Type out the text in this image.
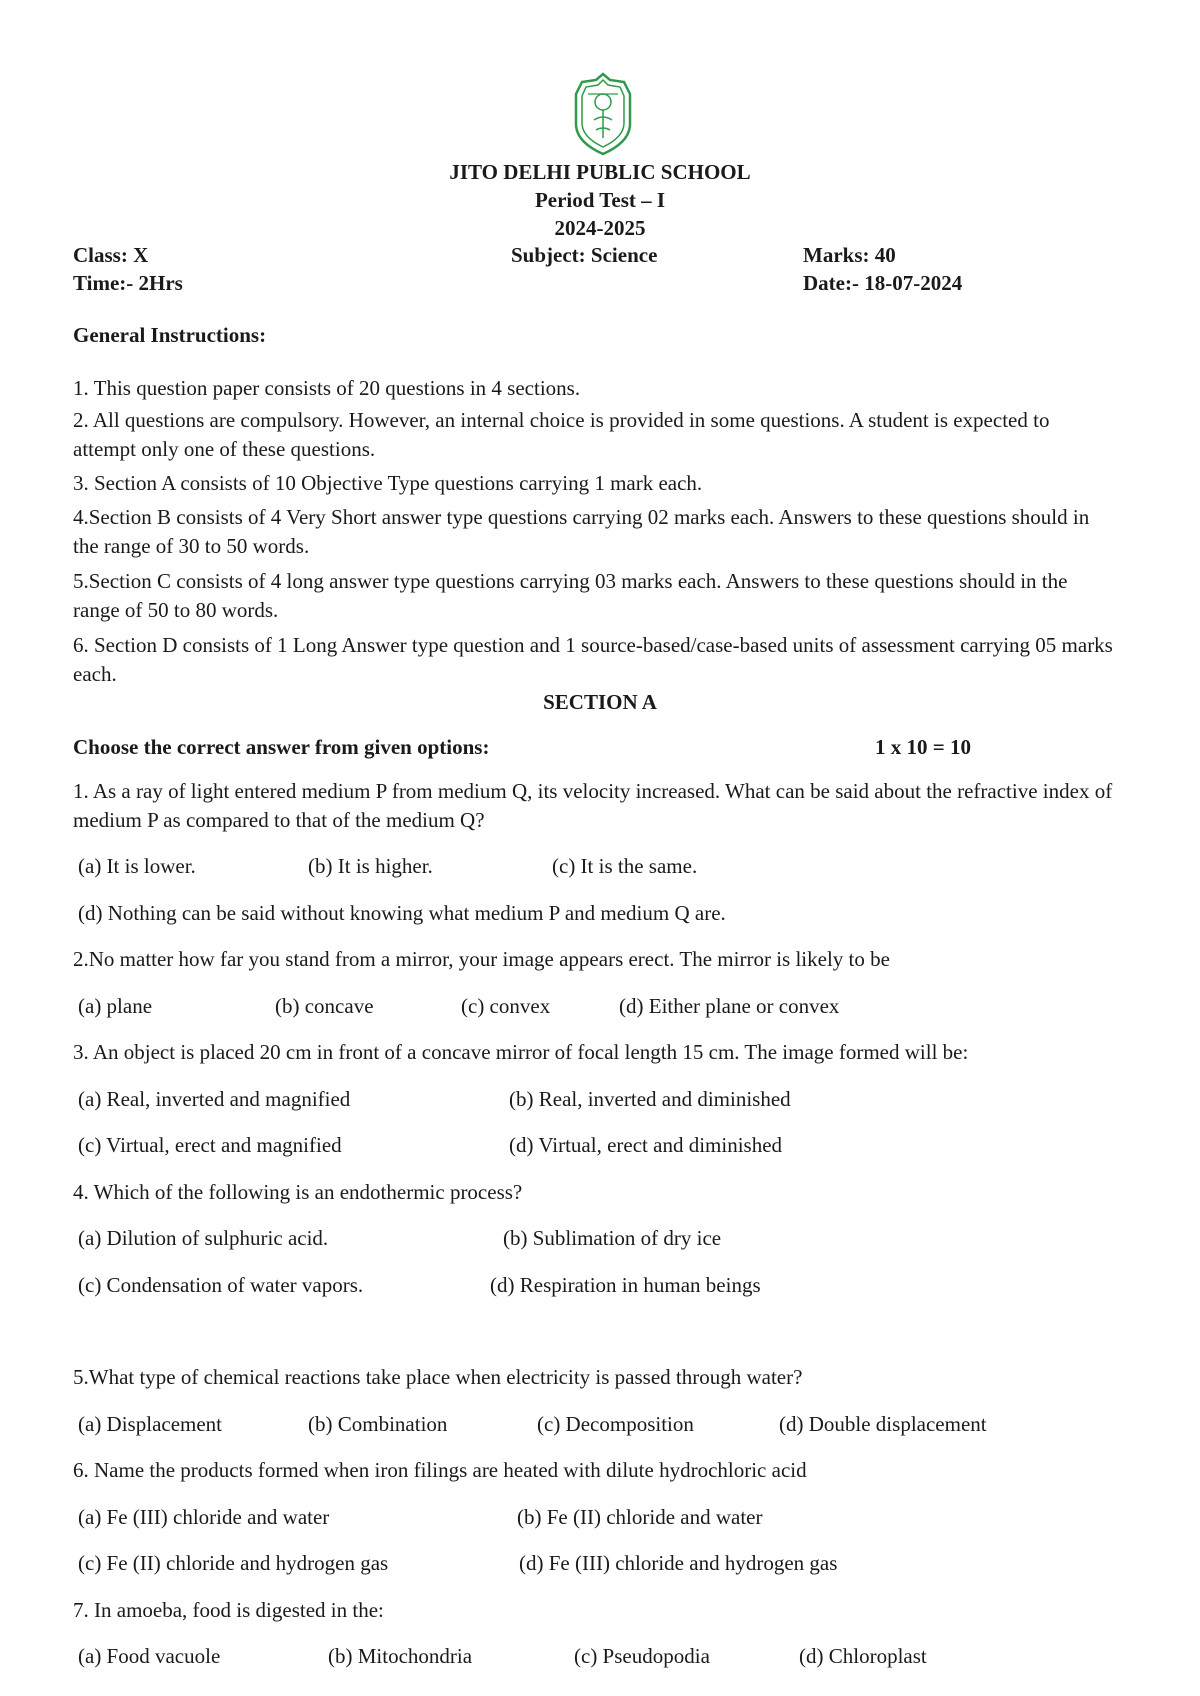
JITO DELHI PUBLIC SCHOOL
Period Test – I
2024-2025
Class: X	Subject: Science	Marks: 40
Time:- 2Hrs	Date:- 18-07-2024
General Instructions:
1. This question paper consists of 20 questions in 4 sections.
2. All questions are compulsory. However, an internal choice is provided in some questions. A student is expected to attempt only one of these questions.
3. Section A consists of 10 Objective Type questions carrying 1 mark each.
4.Section B consists of 4 Very Short answer type questions carrying 02 marks each. Answers to these questions should in the range of 30 to 50 words.
5.Section C consists of 4 long answer type questions carrying 03 marks each. Answers to these questions should in the range of 50 to 80 words.
6. Section D consists of 1 Long Answer type question and 1 source-based/case-based units of assessment carrying 05 marks each.
SECTION A
Choose the correct answer from given options:	1 x 10 = 10
1. As a ray of light entered medium P from medium Q, its velocity increased. What can be said about the refractive index of medium P as compared to that of the medium Q?
(a) It is lower.	(b) It is higher.	(c) It is the same.
(d) Nothing can be said without knowing what medium P and medium Q are.
2.No matter how far you stand from a mirror, your image appears erect. The mirror is likely to be
(a) plane	(b) concave	(c) convex	(d) Either plane or convex
3. An object is placed 20 cm in front of a concave mirror of focal length 15 cm. The image formed will be:
(a) Real, inverted and magnified	(b) Real, inverted and diminished
(c) Virtual, erect and magnified	(d) Virtual, erect and diminished
4. Which of the following is an endothermic process?
(a) Dilution of sulphuric acid.	(b) Sublimation of dry ice
(c) Condensation of water vapors.	(d) Respiration in human beings
5.What type of chemical reactions take place when electricity is passed through water?
(a) Displacement	(b) Combination	(c) Decomposition	(d) Double displacement
6. Name the products formed when iron filings are heated with dilute hydrochloric acid
(a) Fe (III) chloride and water	(b) Fe (II) chloride and water
(c) Fe (II) chloride and hydrogen gas	(d) Fe (III) chloride and hydrogen gas
7. In amoeba, food is digested in the:
(a) Food vacuole	(b) Mitochondria	(c) Pseudopodia	(d) Chloroplast
